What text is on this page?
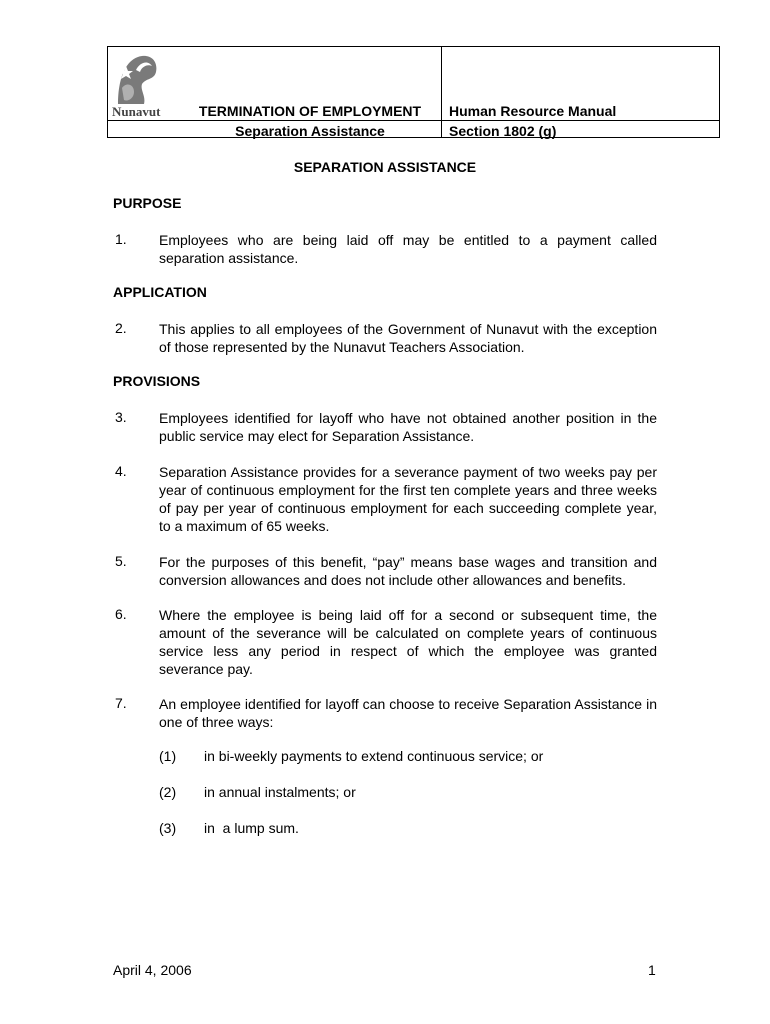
Nunavut	TERMINATION OF EMPLOYMENT
Separation Assistance
Human Resource Manual
Section 1802 (g)
SEPARATION ASSISTANCE
PURPOSE
1. Employees who are being laid off may be entitled to a payment called separation assistance.
APPLICATION
2. This applies to all employees of the Government of Nunavut with the exception of those represented by the Nunavut Teachers Association.
PROVISIONS
3. Employees identified for layoff who have not obtained another position in the public service may elect for Separation Assistance.
4. Separation Assistance provides for a severance payment of two weeks pay per year of continuous employment for the first ten complete years and three weeks of pay per year of continuous employment for each succeeding complete year, to a maximum of 65 weeks.
5. For the purposes of this benefit, “pay” means base wages and transition and conversion allowances and does not include other allowances and benefits.
6. Where the employee is being laid off for a second or subsequent time, the amount of the severance will be calculated on complete years of continuous service less any period in respect of which the employee was granted severance pay.
7. An employee identified for layoff can choose to receive Separation Assistance in one of three ways:
(1) in bi-weekly payments to extend continuous service; or
(2) in annual instalments; or
(3) in  a lump sum.
April 4, 2006	1
